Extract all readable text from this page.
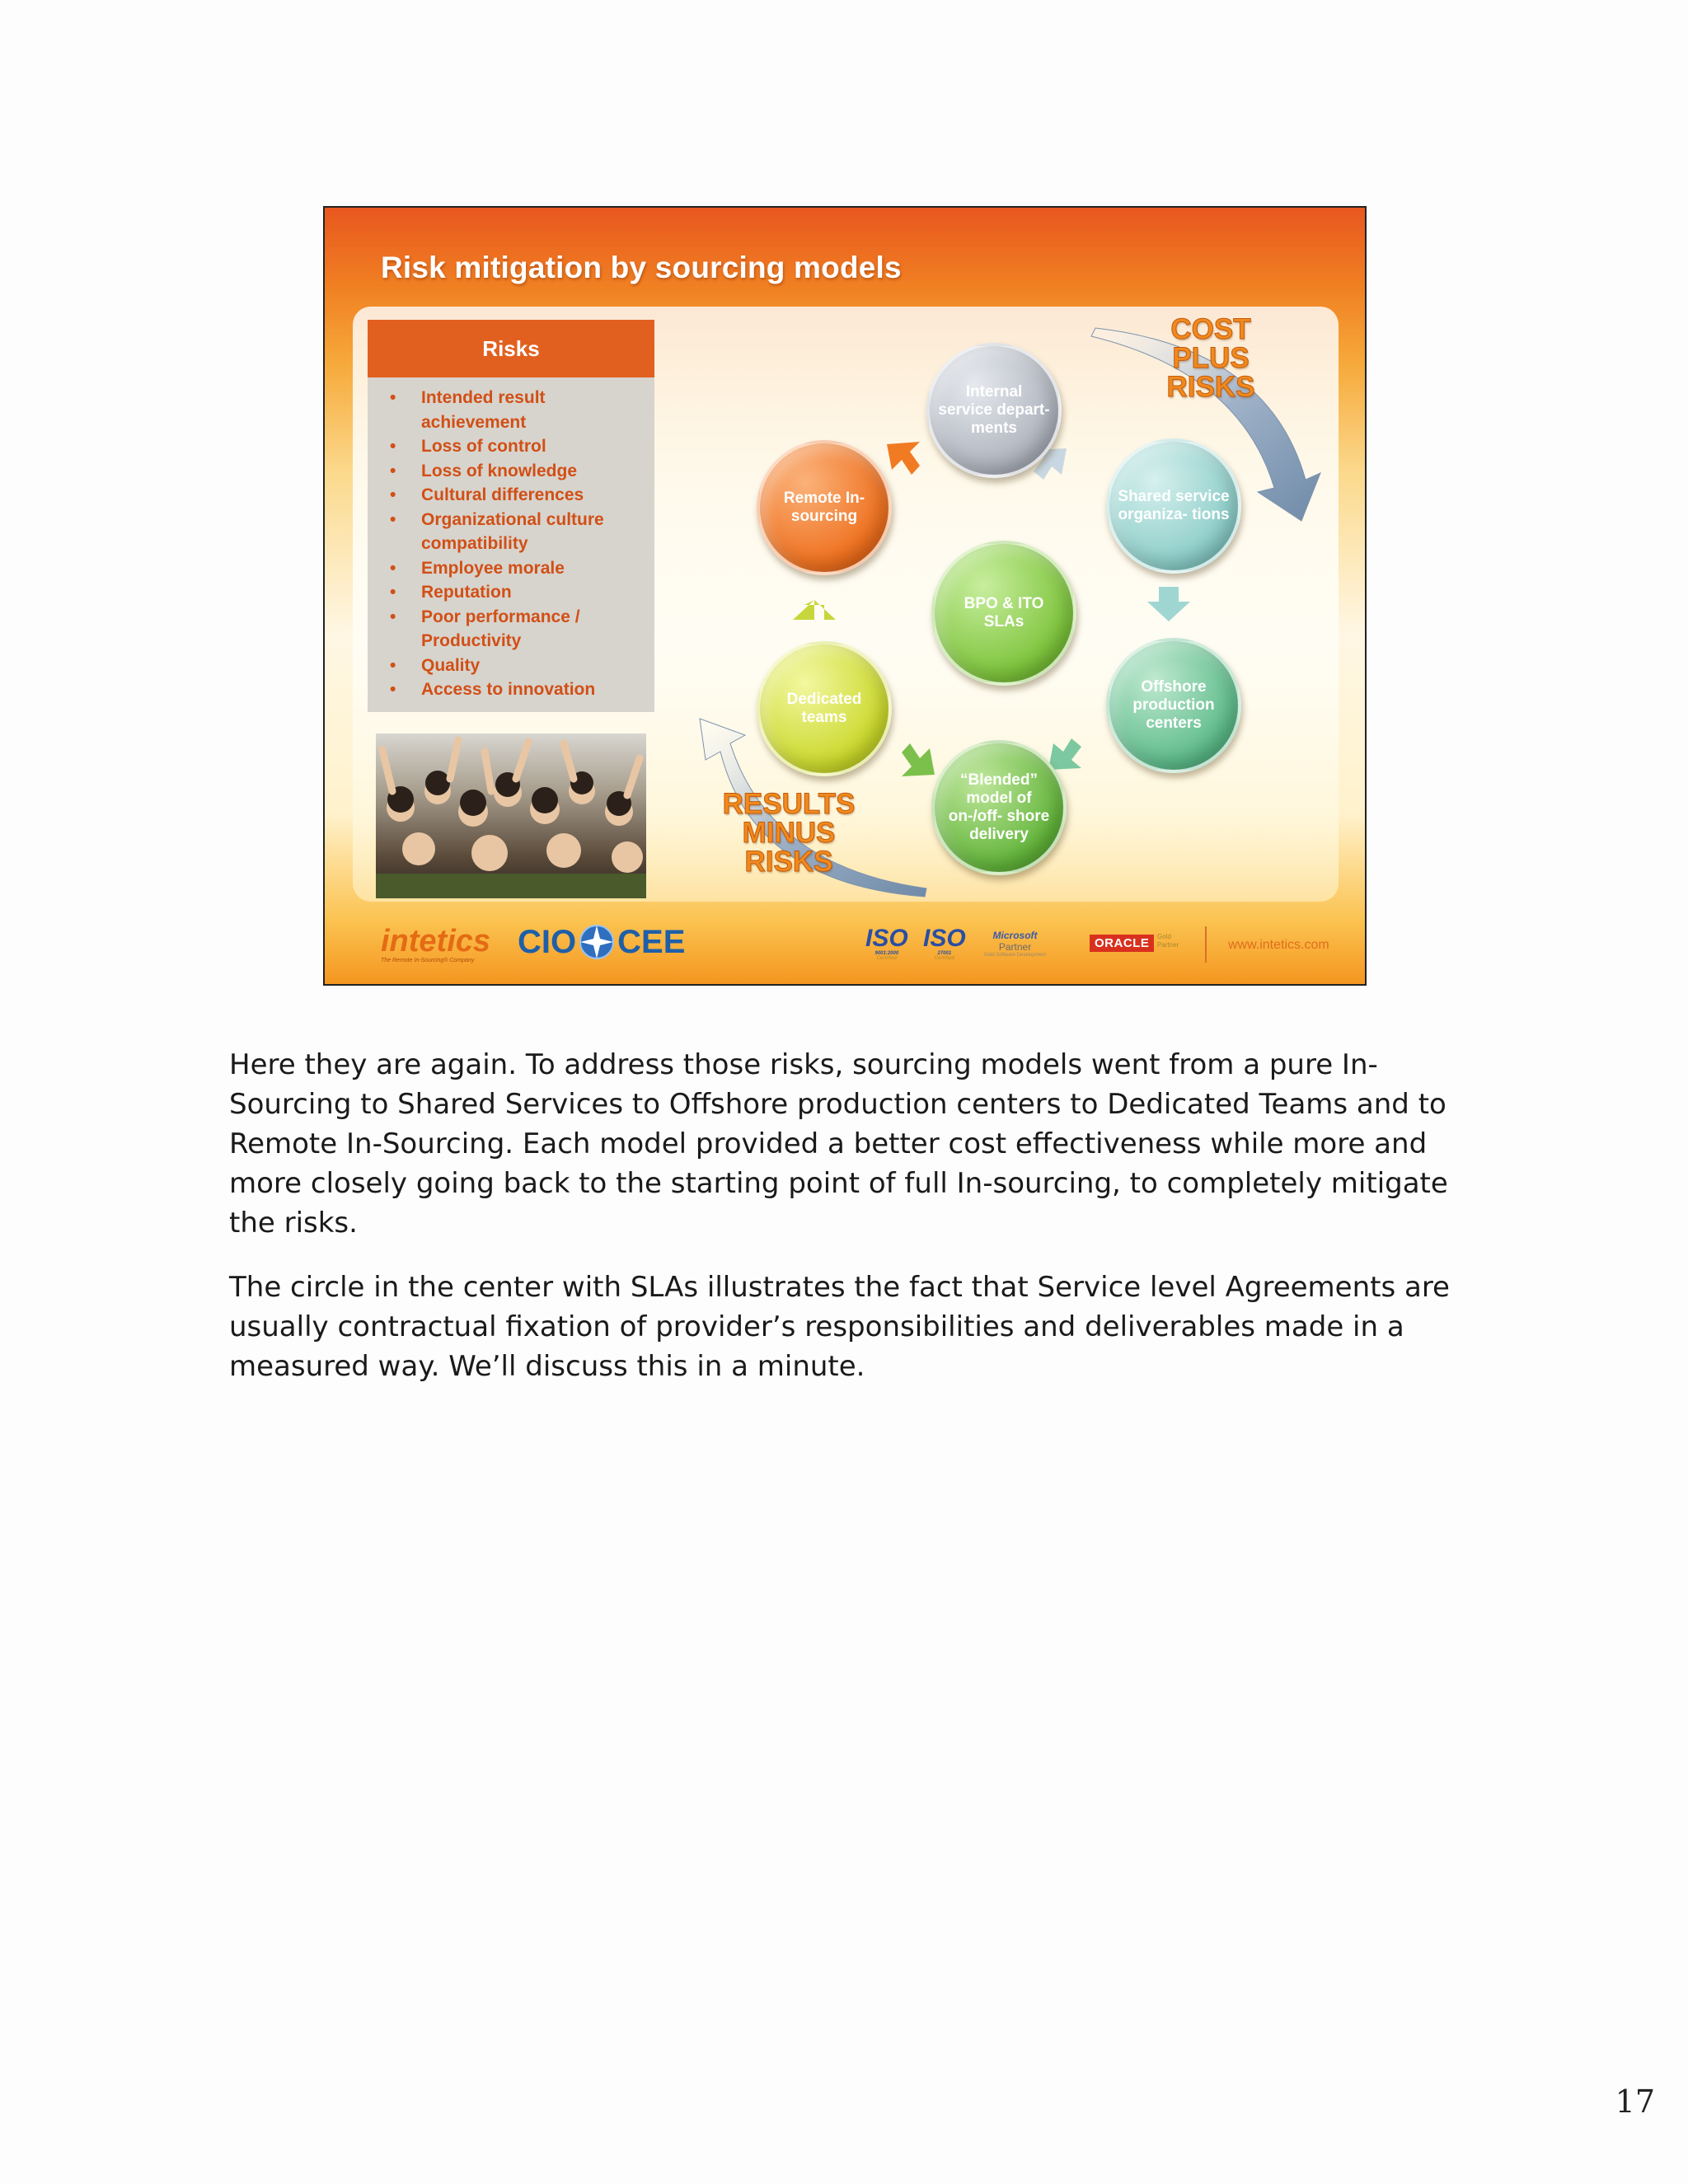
Risk mitigation by sourcing models
Risks
• Intended result achievement
• Loss of control
• Loss of knowledge
• Cultural differences
• Organizational culture compatibility
• Employee morale
• Reputation
• Poor performance / Productivity
• Quality
• Access to innovation
Internal service depart- ments
Shared service organiza- tions
Offshore production centers
“Blended” model of on-/off- shore delivery
Dedicated teams
Remote In- sourcing
BPO & ITO SLAs
COST
PLUS
RISKS
RESULTS
MINUS
RISKS
intetics
The Remote In-Sourcing® Company
CIO CEE	ISO
9001:2000
Certified
ISO
27001
Certified
Microsoft
Partner
Gold Software Development
ORACLE	Gold
Partner	www.intetics.com

Here they are again. To address those risks, sourcing models went from a pure In-Sourcing to Shared Services to Offshore production centers to Dedicated Teams and to Remote In-Sourcing. Each model provided a better cost effectiveness while more and more closely going back to the starting point of full In-sourcing, to completely mitigate the risks.

The circle in the center with SLAs illustrates the fact that Service level Agreements are usually contractual fixation of provider’s responsibilities and deliverables made in a measured way. We’ll discuss this in a minute.

17
